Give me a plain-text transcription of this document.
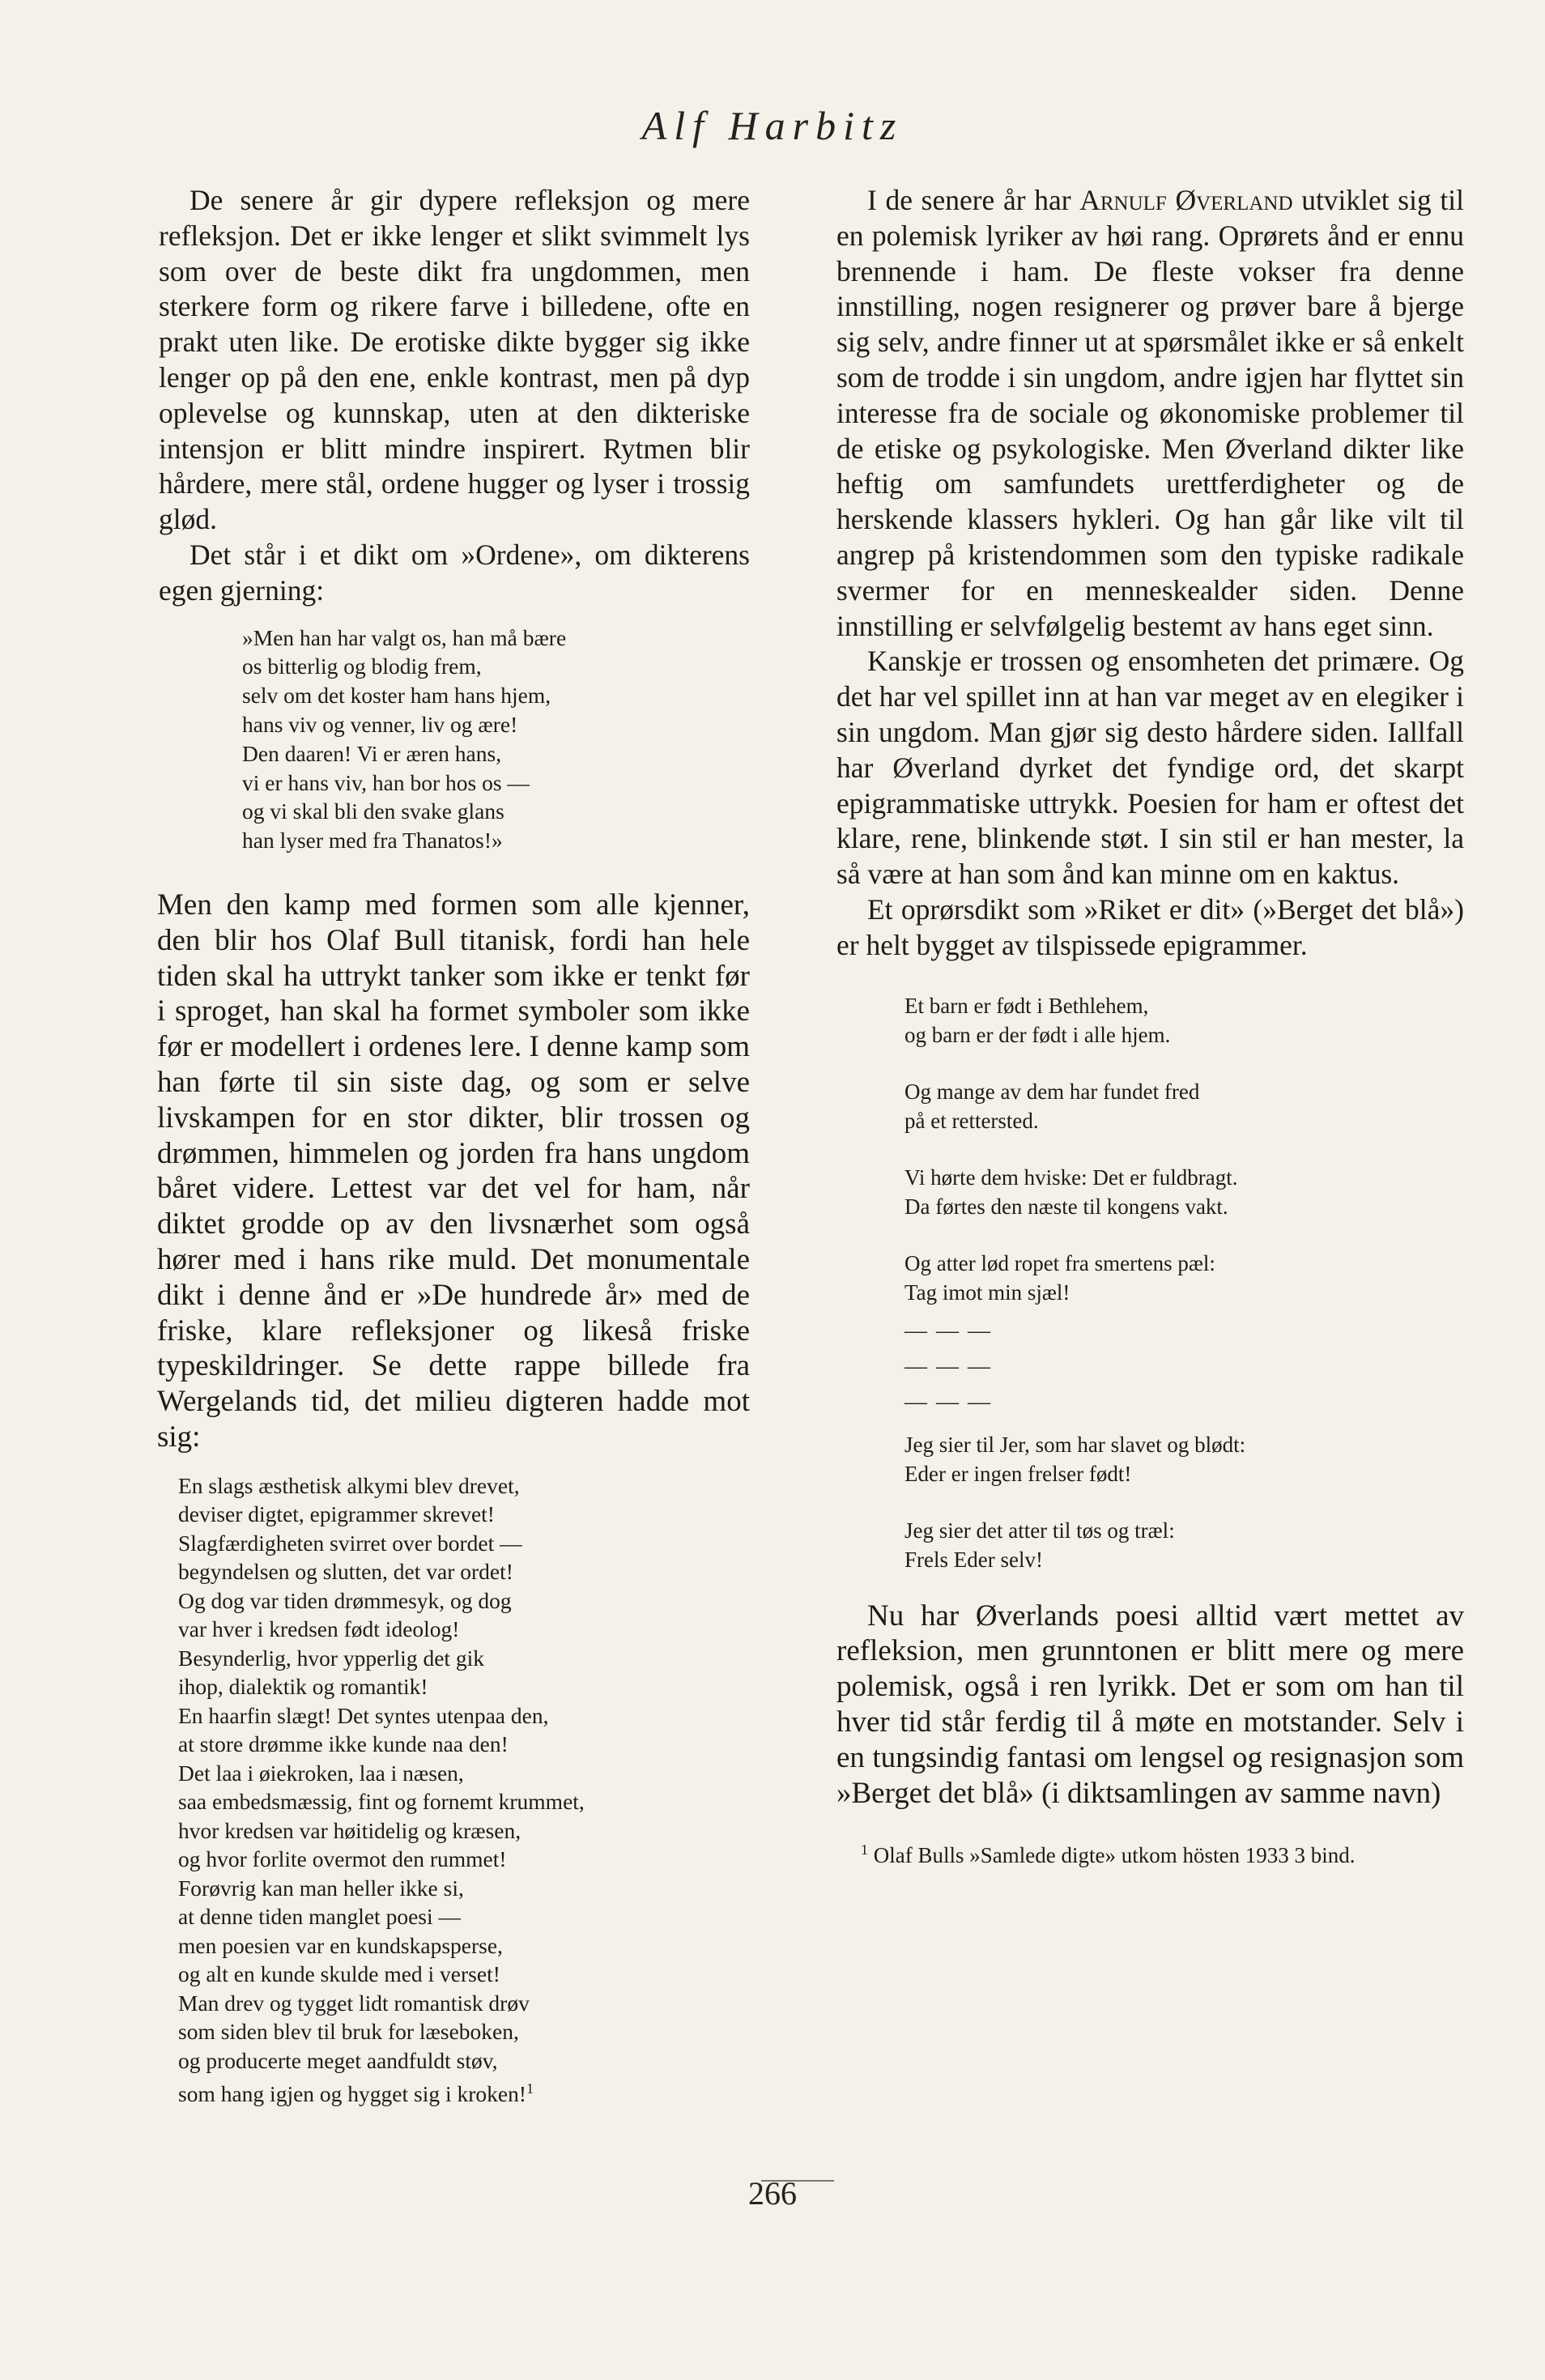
Alf Harbitz

De senere år gir dypere refleksjon og mere refleksjon. Det er ikke lenger et slikt svimmelt lys som over de beste dikt fra ungdommen, men sterkere form og rikere farve i billedene, ofte en prakt uten like. De erotiske dikte bygger sig ikke lenger op på den ene, enkle kontrast, men på dyp oplevelse og kunnskap, uten at den dikteriske intensjon er blitt mindre inspirert. Rytmen blir hårdere, mere stål, ordene hugger og lyser i trossig glød.

Det står i et dikt om »Ordene», om dikterens egen gjerning:

»Men han har valgt os, han må bære
os bitterlig og blodig frem,
selv om det koster ham hans hjem,
hans viv og venner, liv og ære!
Den daaren! Vi er æren hans,
vi er hans viv, han bor hos os —
og vi skal bli den svake glans
han lyser med fra Thanatos!»

Men den kamp med formen som alle kjenner, den blir hos Olaf Bull titanisk, fordi han hele tiden skal ha uttrykt tanker som ikke er tenkt før i sproget, han skal ha formet symboler som ikke før er modellert i ordenes lere. I denne kamp som han førte til sin siste dag, og som er selve livskampen for en stor dikter, blir trossen og drømmen, himmelen og jorden fra hans ungdom båret videre. Lettest var det vel for ham, når diktet grodde op av den livsnærhet som også hører med i hans rike muld. Det monumentale dikt i denne ånd er »De hundrede år» med de friske, klare refleksjoner og likeså friske typeskildringer. Se dette rappe billede fra Wergelands tid, det milieu digteren hadde mot sig:

En slags æsthetisk alkymi blev drevet,
deviser digtet, epigrammer skrevet!
Slagfærdigheten svirret over bordet —
begyndelsen og slutten, det var ordet!
Og dog var tiden drømmesyk, og dog
var hver i kredsen født ideolog!
Besynderlig, hvor ypperlig det gik
ihop, dialektik og romantik!
En haarfin slægt! Det syntes utenpaa den,
at store drømme ikke kunde naa den!
Det laa i øiekroken, laa i næsen,
saa embedsmæssig, fint og fornemt krummet,
hvor kredsen var høitidelig og kræsen,
og hvor forlite overmot den rummet!
Forøvrig kan man heller ikke si,
at denne tiden manglet poesi —
men poesien var en kundskapsperse,
og alt en kunde skulde med i verset!
Man drev og tygget lidt romantisk drøv
som siden blev til bruk for læseboken,
og producerte meget aandfuldt støv,
som hang igjen og hygget sig i kroken!$^1$

I de senere år har Arnulf Øverland utviklet sig til en polemisk lyriker av høi rang. Oprørets ånd er ennu brennende i ham. De fleste vokser fra denne innstilling, nogen resignerer og prøver bare å bjerge sig selv, andre finner ut at spørsmålet ikke er så enkelt som de trodde i sin ungdom, andre igjen har flyttet sin interesse fra de sociale og økonomiske problemer til de etiske og psykologiske. Men Øverland dikter like heftig om samfundets urettferdigheter og de herskende klassers hykleri. Og han går like vilt til angrep på kristendommen som den typiske radikale svermer for en menneskealder siden. Denne innstilling er selvfølgelig bestemt av hans eget sinn.

Kanskje er trossen og ensomheten det primære. Og det har vel spillet inn at han var meget av en elegiker i sin ungdom. Man gjør sig desto hårdere siden. Iallfall har Øverland dyrket det fyndige ord, det skarpt epigrammatiske uttrykk. Poesien for ham er oftest det klare, rene, blinkende støt. I sin stil er han mester, la så være at han som ånd kan minne om en kaktus.

Et oprørsdikt som »Riket er dit» (»Berget det blå») er helt bygget av tilspissede epigrammer.

Et barn er født i Bethlehem,
og barn er der født i alle hjem.
Og mange av dem har fundet fred
på et rettersted.
Vi hørte dem hviske: Det er fuldbragt.
Da førtes den næste til kongens vakt.
Og atter lød ropet fra smertens pæl:
Tag imot min sjæl!
— — —
— — —
— — —
Jeg sier til Jer, som har slavet og blødt:
Eder er ingen frelser født!
Jeg sier det atter til tøs og træl:
Frels Eder selv!

Nu har Øverlands poesi alltid vært mettet av refleksion, men grunntonen er blitt mere og mere polemisk, også i ren lyrikk. Det er som om han til hver tid står ferdig til å møte en motstander. Selv i en tungsindig fantasi om lengsel og resignasjon som »Berget det blå» (i diktsamlingen av samme navn)

$^1$ Olaf Bulls »Samlede digte» utkom hösten 1933 3 bind.

266
